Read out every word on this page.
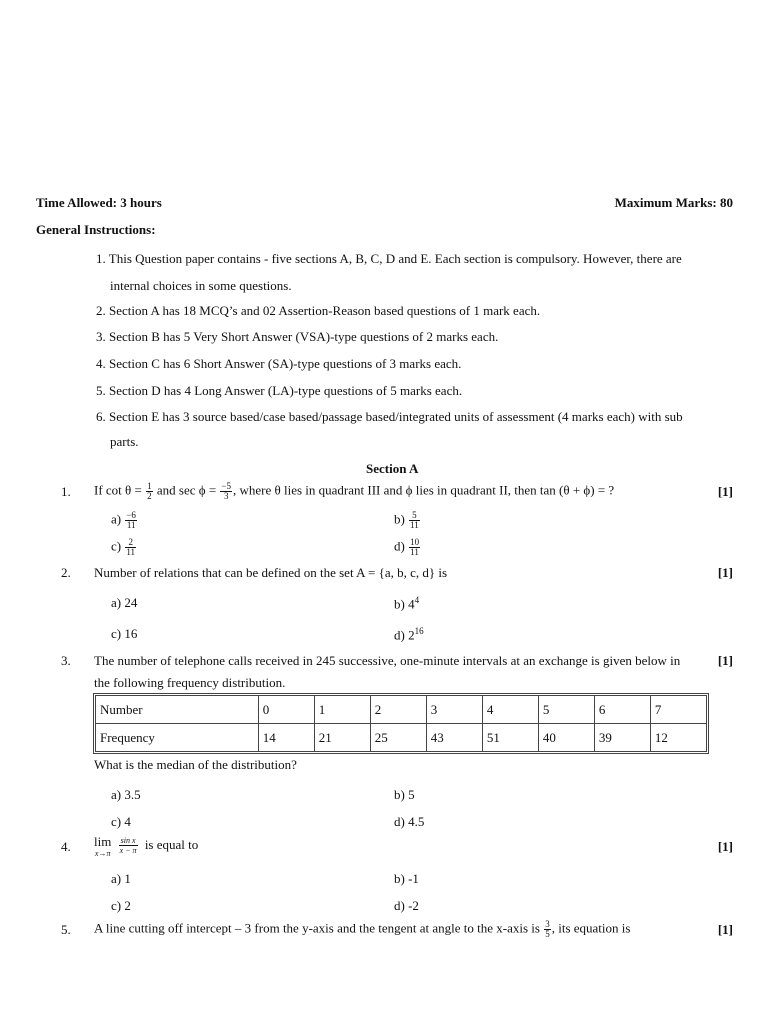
Time Allowed: 3 hours	Maximum Marks: 80
General Instructions:
1. This Question paper contains - five sections A, B, C, D and E. Each section is compulsory. However, there are
internal choices in some questions.
2. Section A has 18 MCQ’s and 02 Assertion-Reason based questions of 1 mark each.
3. Section B has 5 Very Short Answer (VSA)-type questions of 2 marks each.
4. Section C has 6 Short Answer (SA)-type questions of 3 marks each.
5. Section D has 4 Long Answer (LA)-type questions of 5 marks each.
6. Section E has 3 source based/case based/passage based/integrated units of assessment (4 marks each) with sub
parts.
Section A
1. If $\cot \theta = \frac{1}{2}$ and $\sec \phi = \frac{-5}{3}$ , where θ lies in quadrant III and ϕ lies in quadrant II, then tan (θ + ϕ) = ?	[1]
$a) \frac{-6}{11}$	$b) \frac{5}{11}$
$c) \frac{2}{11}$	$d) \frac{10}{11}$
2. Number of relations that can be defined on the set A = {a, b, c, d} is	[1]
a) 24	b) $4^4$
c) 16	d) $2^{16}$
3. The number of telephone calls received in 245 successive, one-minute intervals at an exchange is given below in	[1]
the following frequency distribution.
Number	0	1	2	3	4	5	6	7
Frequency	14	21	25	43	51	40	39	12
What is the median of the distribution?
a) 3.5	b) 5
c) 4	d) 4.5
4. lim
x→π
$\frac{\text{sin x}}{x - \pi}$ is equal to	[1]
a) 1	b) -1
c) 2	d) -2
5. A line cutting off intercept – 3 from the y-axis and the tengent at angle to the x-axis is $\frac{3}{5}$ , its equation is	[1]
